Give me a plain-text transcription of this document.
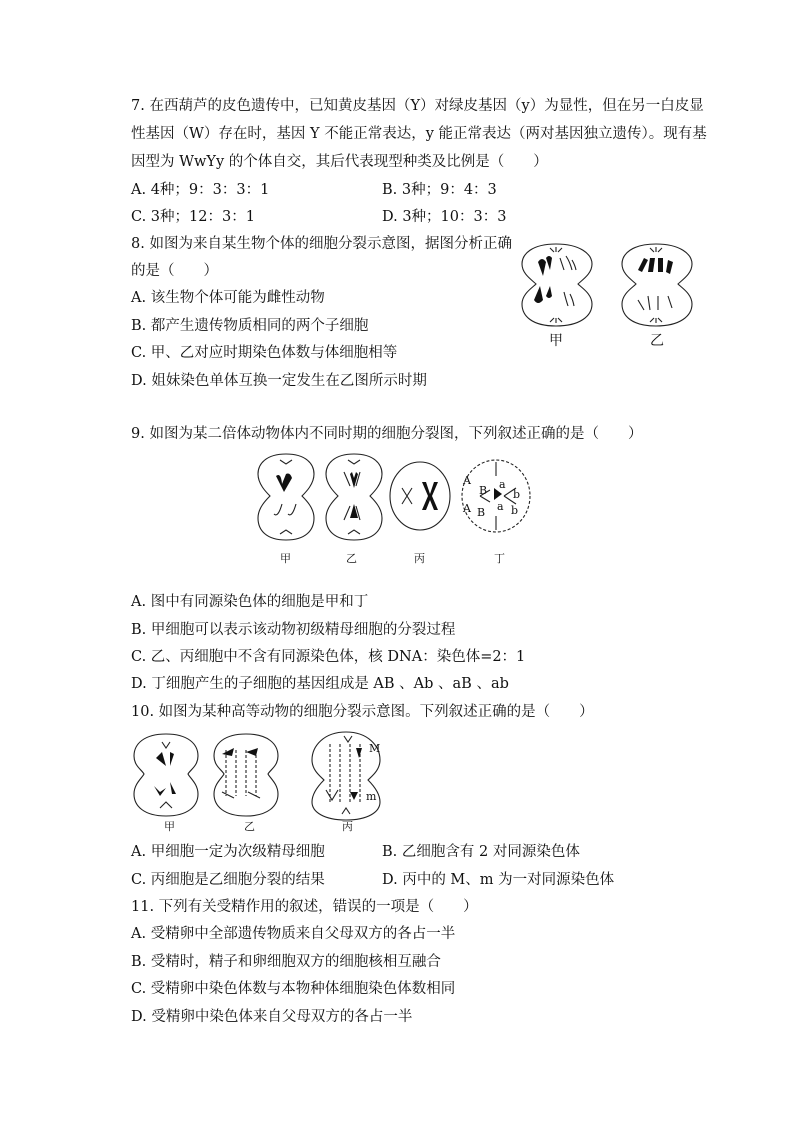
7. 在西葫芦的皮色遗传中，已知黄皮基因（Y）对绿皮基因（y）为显性，但在另一白皮显
性基因（W）存在时，基因 Y 不能正常表达，y 能正常表达（两对基因独立遗传）。现有基
因型为 WwYy 的个体自交，其后代表现型种类及比例是（　　）
A. 4种；9：3：3：1	B. 3种；9：4：3
C. 3种；12：3：1	D. 3种；10：3：3
8. 如图为来自某生物个体的细胞分裂示意图，据图分析正确
的是（　　）
A. 该生物个体可能为雌性动物
B. 都产生遗传物质相同的两个子细胞
C. 甲、乙对应时期染色体数与体细胞相等
D. 姐妹染色单体互换一定发生在乙图所示时期
甲	乙
9. 如图为某二倍体动物体内不同时期的细胞分裂图，下列叙述正确的是（　　）
A
B a
b
A B a b
甲	乙	丙	丁
A. 图中有同源染色体的细胞是甲和丁
B. 甲细胞可以表示该动物初级精母细胞的分裂过程
C. 乙、丙细胞中不含有同源染色体，核 DNA：染色体=2：1
D. 丁细胞产生的子细胞的基因组成是 AB 、Ab 、aB 、ab
10. 如图为某种高等动物的细胞分裂示意图。下列叙述正确的是（　　）
M
m
甲	乙	丙
A. 甲细胞一定为次级精母细胞	B. 乙细胞含有 2 对同源染色体
C. 丙细胞是乙细胞分裂的结果	D. 丙中的 M、m 为一对同源染色体
11. 下列有关受精作用的叙述，错误的一项是（　　）
A. 受精卵中全部遗传物质来自父母双方的各占一半
B. 受精时，精子和卵细胞双方的细胞核相互融合
C. 受精卵中染色体数与本物种体细胞染色体数相同
D. 受精卵中染色体来自父母双方的各占一半
